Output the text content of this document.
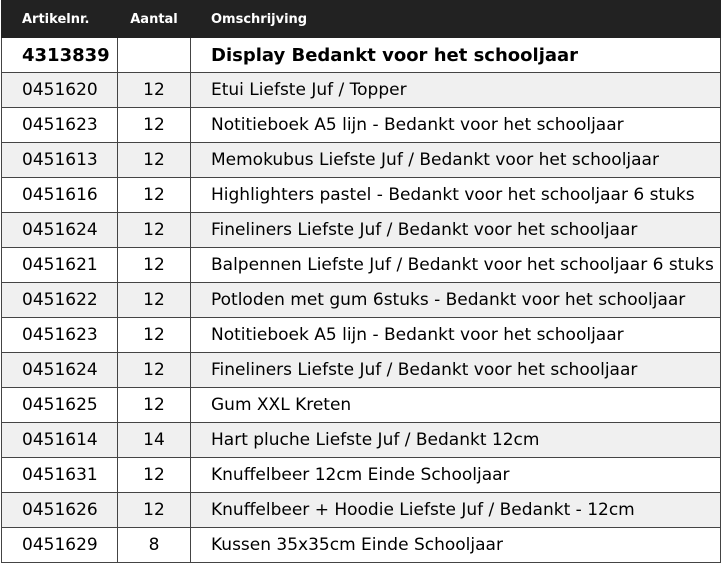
Artikelnr.	Aantal	Omschrijving
4313839		Display Bedankt voor het schooljaar
0451620	12	Etui Liefste Juf / Topper
0451623	12	Notitieboek A5 lijn - Bedankt voor het schooljaar
0451613	12	Memokubus Liefste Juf / Bedankt voor het schooljaar
0451616	12	Highlighters pastel - Bedankt voor het schooljaar 6 stuks
0451624	12	Fineliners Liefste Juf / Bedankt voor het schooljaar
0451621	12	Balpennen Liefste Juf / Bedankt voor het schooljaar 6 stuks
0451622	12	Potloden met gum 6stuks - Bedankt voor het schooljaar
0451623	12	Notitieboek A5 lijn - Bedankt voor het schooljaar
0451624	12	Fineliners Liefste Juf / Bedankt voor het schooljaar
0451625	12	Gum XXL Kreten
0451614	14	Hart pluche Liefste Juf / Bedankt 12cm
0451631	12	Knuffelbeer 12cm Einde Schooljaar
0451626	12	Knuffelbeer + Hoodie Liefste Juf / Bedankt - 12cm
0451629	8	Kussen 35x35cm Einde Schooljaar
